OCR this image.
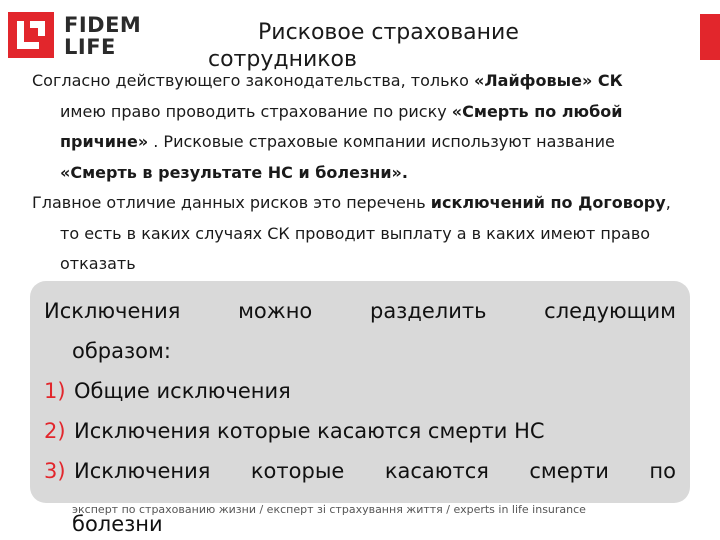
FIDEM
LIFE
Рисковое страхование
сотрудников

Согласно действующего законодательства, только «Лайфовые» СК имею право проводить страхование по риску «Смерть по любой причине» . Рисковые страховые компании используют название «Смерть в результате НС и болезни».

Главное отличие данных рисков это перечень исключений по Договору, то есть в каких случаях СК проводит выплату а в каких имеют право отказать

Исключения	можно	разделить	следующим
образом:
1) Общие исключения
2) Исключения которые касаются смерти НС
3) Исключения которые касаются смерти по
эксперт по страхованию жизни / експерт зі страхування життя / experts in life insurance
болезни
